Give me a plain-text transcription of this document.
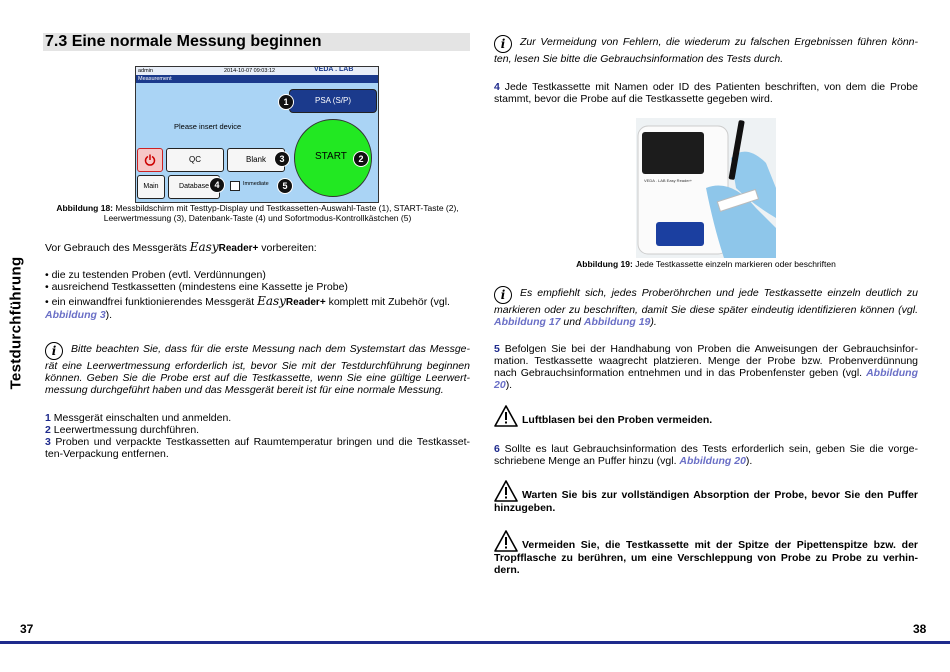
Testdurchführung
7.3 Eine normale Messung beginnen
admin	2014-10-07 09:03:12	VEDA . LAB
Measurement
PSA (S/P)
1
Please insert device
START	2
QC	Blank	3
Main	Database 4	Immediate	5
Abbildung 18: Messbildschirm mit Testtyp-Display und Testkassetten-Auswahl-Taste (1), START-Taste (2), Leerwertmessung (3), Datenbank-Taste (4) und Sofortmodus-Kontrollkästchen (5)
Vor Gebrauch des Messgeräts EasyReader+ vorbereiten:
• die zu testenden Proben (evtl. Verdünnungen)
• ausreichend Testkassetten (mindestens eine Kassette je Probe)
• ein einwandfrei funktionierendes Messgerät EasyReader+ komplett mit Zubehör (vgl.
Abbildung 3).
i Bitte beachten Sie, dass für die erste Messung nach dem Systemstart das Messge-rät eine Leerwertmessung erforderlich ist, bevor Sie mit der Testdurchführung beginnen können. Geben Sie die Probe erst auf die Testkassette, wenn Sie eine gültige Leerwert-messung durchgeführt haben und das Messgerät bereit ist für eine normale Messung.
1 Messgerät einschalten und anmelden.
2 Leerwertmessung durchführen.
3 Proben und verpackte Testkassetten auf Raumtemperatur bringen und die Testkasset-ten-Verpackung entfernen.
i Zur Vermeidung von Fehlern, die wiederum zu falschen Ergebnissen führen könn-ten, lesen Sie bitte die Gebrauchsinformation des Tests durch.
4 Jede Testkassette mit Namen oder ID des Patienten beschriften, von dem die Probe stammt, bevor die Probe auf die Testkassette gegeben wird.
VEDA . LAB Easy Reader+
Abbildung 19: Jede Testkassette einzeln markieren oder beschriften
i Es empfiehlt sich, jedes Proberöhrchen und jede Testkassette einzeln deutlich zu markieren oder zu beschriften, damit Sie diese später eindeutig identifizieren können (vgl. Abbildung 17 und Abbildung 19).
5 Befolgen Sie bei der Handhabung von Proben die Anweisungen der Gebrauchsinfor-mation. Testkassette waagrecht platzieren. Menge der Probe bzw. Probenverdünnung nach Gebrauchsinformation entnehmen und in das Probenfenster geben (vgl. Abbildung 20).
Luftblasen bei den Proben vermeiden.
6 Sollte es laut Gebrauchsinformation des Tests erforderlich sein, geben Sie die vorge-schriebene Menge an Puffer hinzu (vgl. Abbildung 20).
Warten Sie bis zur vollständigen Absorption der Probe, bevor Sie den Puffer hinzugeben.
Vermeiden Sie, die Testkassette mit der Spitze der Pipettenspitze bzw. der Tropfflasche zu berühren, um eine Verschleppung von Probe zu Probe zu verhin-dern.
37	38
